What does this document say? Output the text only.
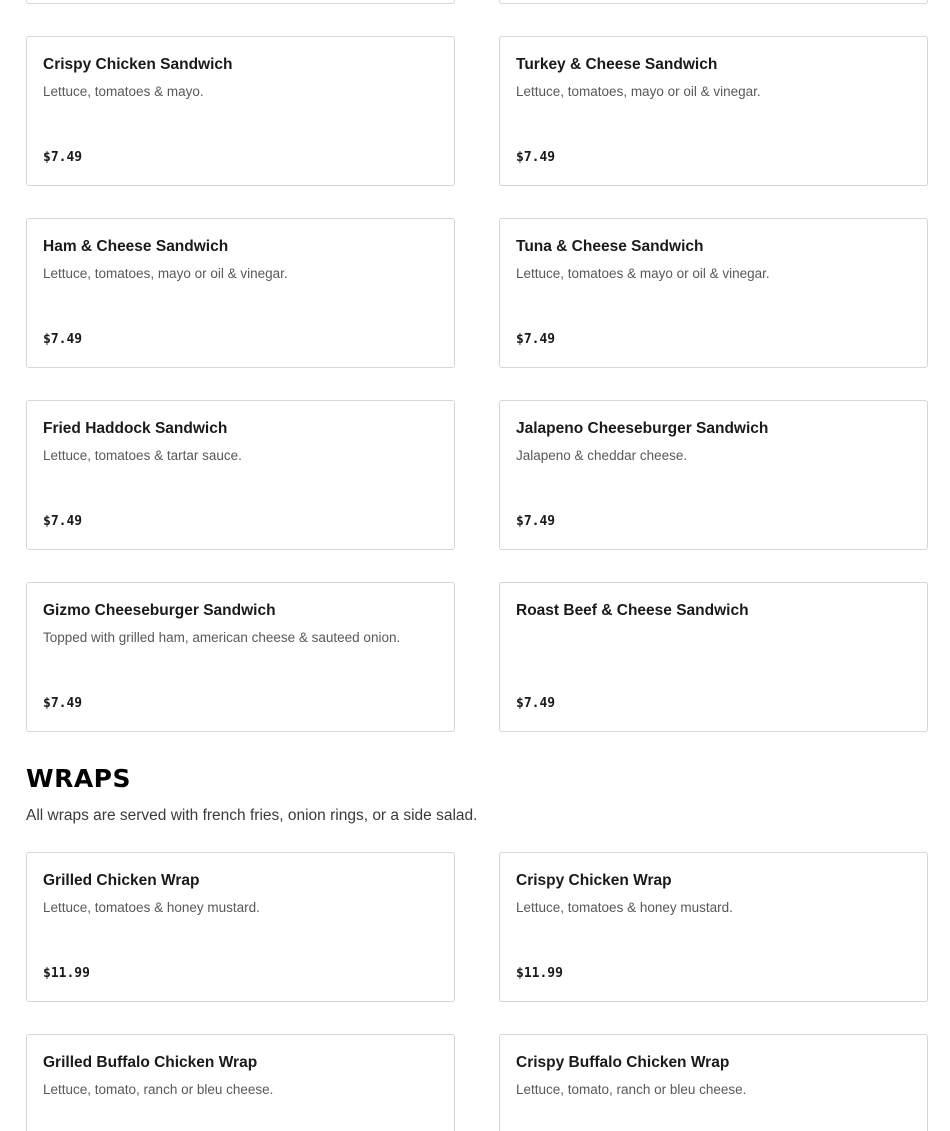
Crispy Chicken Sandwich
Lettuce, tomatoes & mayo.
$7.49
Turkey & Cheese Sandwich
Lettuce, tomatoes, mayo or oil & vinegar.
$7.49
Ham & Cheese Sandwich
Lettuce, tomatoes, mayo or oil & vinegar.
$7.49
Tuna & Cheese Sandwich
Lettuce, tomatoes & mayo or oil & vinegar.
$7.49
Fried Haddock Sandwich
Lettuce, tomatoes & tartar sauce.
$7.49
Jalapeno Cheeseburger Sandwich
Jalapeno & cheddar cheese.
$7.49
Gizmo Cheeseburger Sandwich
Topped with grilled ham, american cheese & sauteed onion.
$7.49
Roast Beef & Cheese Sandwich
$7.49
WRAPS

All wraps are served with french fries, onion rings, or a side salad.

Grilled Chicken Wrap
Lettuce, tomatoes & honey mustard.
$11.99
Crispy Chicken Wrap
Lettuce, tomatoes & honey mustard.
$11.99
Grilled Buffalo Chicken Wrap
Lettuce, tomato, ranch or bleu cheese.
Crispy Buffalo Chicken Wrap
Lettuce, tomato, ranch or bleu cheese.
